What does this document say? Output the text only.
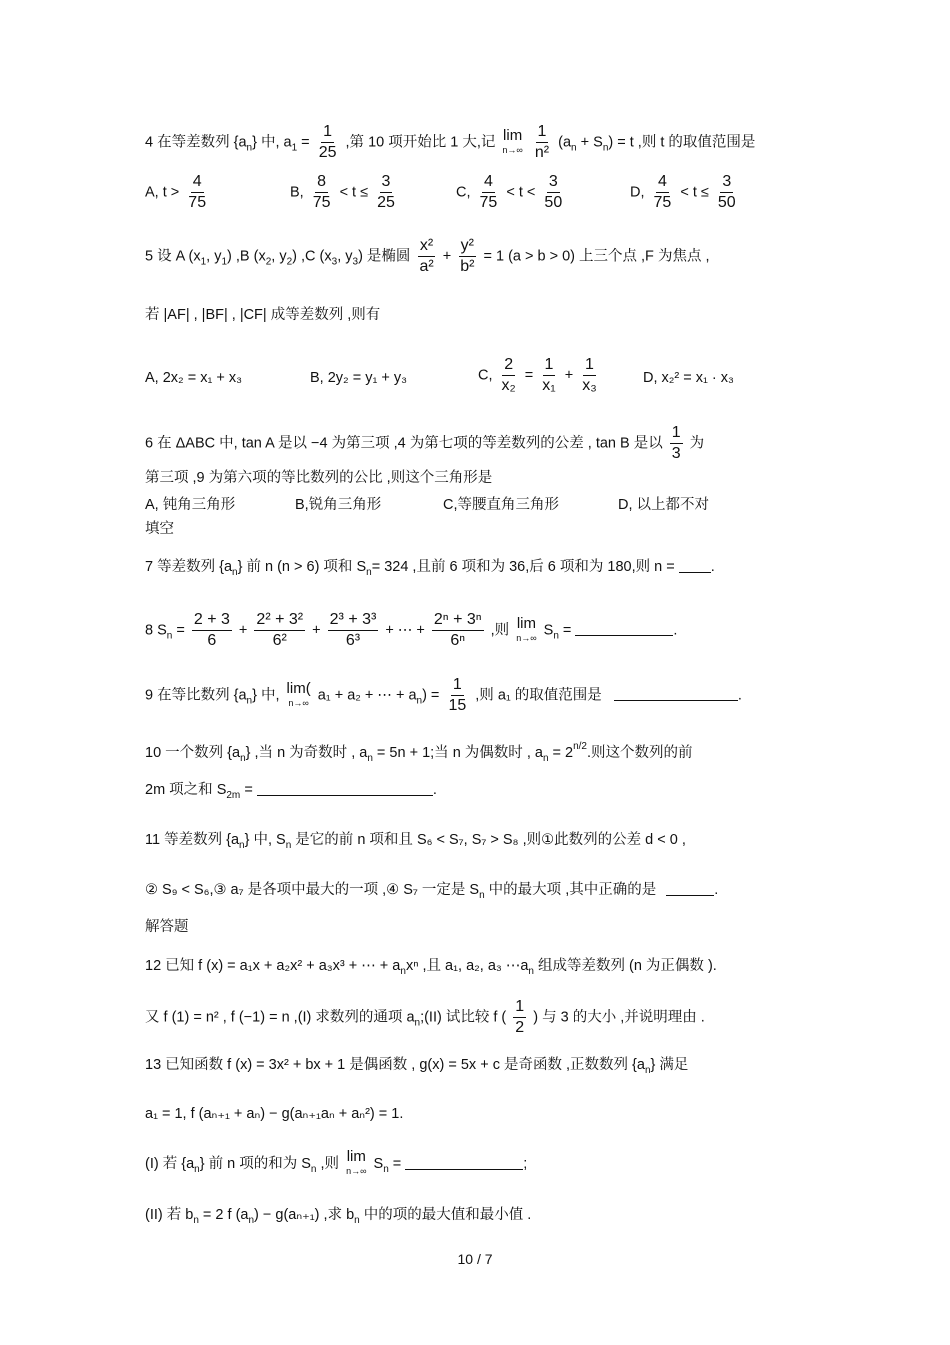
4 在等差数列 $\{a_n\}$ 中, $a_1 = \frac{1}{25}$ ,第 10 项开始比 1 大,记 lim
n→∞
$\frac{1}{\text{n²}} (a_n + S_n) = t$ ,则 t 的取值范围是
A, $t > \frac{4}{75}$	B, $\frac{8}{75} < t \le \frac{3}{25}$	C, $\frac{4}{75} < t < \frac{3}{50}$	D, $\frac{4}{75} < t \le \frac{3}{50}$
5 设 A ($x_1$, $y_1$) ,B ($x_2$, $y_2$) ,C ($x_3$, $y_3$) 是椭圆 $\frac{\text{x²}}{\text{a²}} + \frac{\text{y²}}{\text{b²}} = 1$ (a > b > 0) 上三个点 ,F 为焦点 ,
若 |AF| , |BF| , |CF| 成等差数列 ,则有
A, 2x₂ = x₁ + x₃	B, 2y₂ = y₁ + y₃	C, $\frac{2}{\text{x₂}} = \frac{1}{\text{x₁}} + \frac{1}{\text{x₃}}$	D, x₂² = x₁ · x₃
6 在 ΔABC 中, tan A 是以 −4 为第三项 ,4 为第七项的等差数列的公差 , tan B 是以 $\frac{1}{3}$ 为
第三项 ,9 为第六项的等比数列的公比 ,则这个三角形是
A, 钝角三角形	B,锐角三角形	C,等腰直角三角形	D, 以上都不对
填空
7 等差数列 $\{a_n\}$ 前 n (n > 6) 项和 $S_n= 324$ ,且前 6 项和为 36,后 6 项和为 180,则 n = .
8 $S_n = \frac{2 + 3}{6} + \frac{\text{2² + 3²}}{\text{6²}} + \frac{\text{2³ + 3³}}{\text{6³}}$ + ⋯ + $\frac{\text{2ⁿ + 3ⁿ}}{\text{6ⁿ}}$ ,则 lim
n→∞ $S_n$ =	.
9 在等比数列 $\{a_n\}$ 中, lim(
n→∞ a₁ + a₂ + ⋯ + $a_n) = \frac{1}{15}$ ,则 a₁ 的取值范围是	.
10 一个数列 $\{a_n\}$ ,当 n 为奇数时 , $a_n = 5n + 1$;当 n 为偶数时 , $a_n = 2^{n/2}$.则这个数列的前
2m 项之和 $S_{2m}$ =	.
11 等差数列 $\{a_n\}$ 中, $S_n$ 是它的前 n 项和且 S₆ < S₇, S₇ > S₈ ,则①此数列的公差 d < 0 ,
② S₉ < S₆,③ a₇ 是各项中最大的一项 ,④ S₇ 一定是 $S_n$ 中的最大项 ,其中正确的是	.
解答题
12 已知 f (x) = a₁x + a₂x² + a₃x³ + ⋯ + $a_nx^n$ ,且 a₁, a₂, a₃ $\cdots a_n$ 组成等差数列 (n 为正偶数 ).
又 f (1) = n² , f (−1) = n ,(I) 求数列的通项 $a_n;(II)$ 试比较 f ( $\frac{1}{2}$ ) 与 3 的大小 ,并说明理由 .
13 已知函数 f (x) = 3x² + bx + 1 是偶函数 , g(x) = 5x + c 是奇函数 ,正数数列 $\{a_n\}$ 满足
a₁ = 1, f (aₙ₊₁ + aₙ) − g(aₙ₊₁aₙ + aₙ²) = 1.
(I) 若 $\{a_n\}$ 前 n 项的和为 $S_n$ ,则 lim
n→∞ $S_n$ =	;
(II) 若 $b_n = 2$ f $(a_n) - g(a_{n+1})$ ,求 $b_n$ 中的项的最大值和最小值 .
10 / 7
